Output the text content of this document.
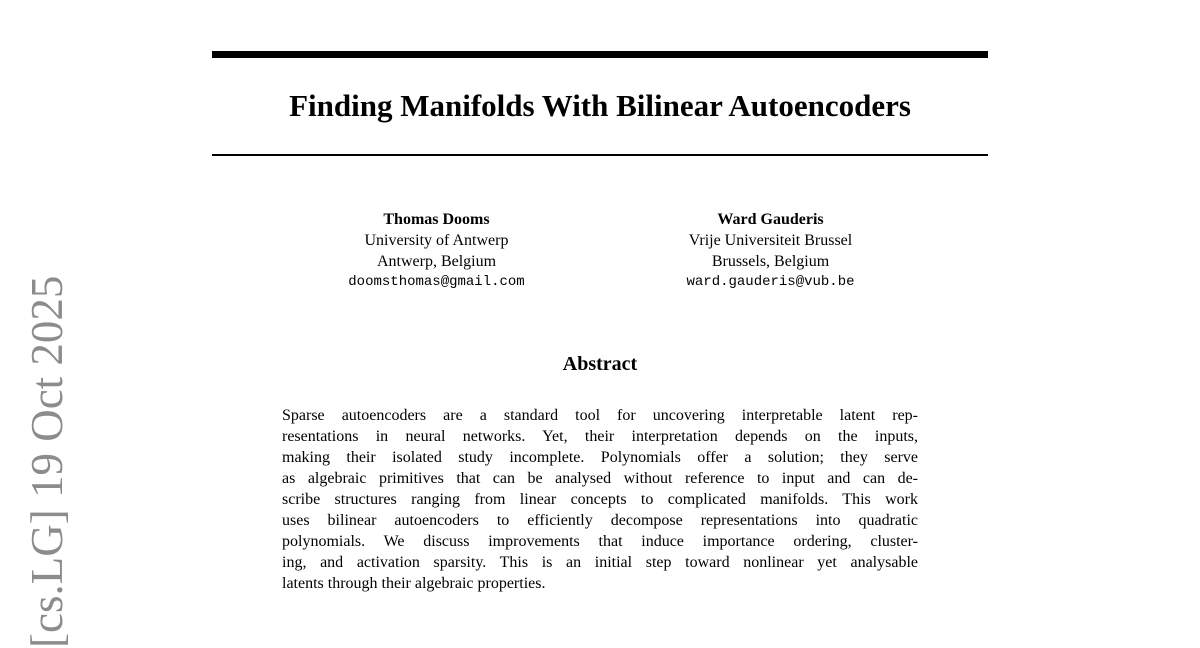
Finding Manifolds With Bilinear Autoencoders
Thomas Dooms
University of Antwerp
Antwerp, Belgium
doomsthomas@gmail.com
Ward Gauderis
Vrije Universiteit Brussel
Brussels, Belgium
ward.gauderis@vub.be
Abstract
Sparse autoencoders are a standard tool for uncovering interpretable latent rep-
resentations in neural networks. Yet, their interpretation depends on the inputs,
making their isolated study incomplete. Polynomials offer a solution; they serve
as algebraic primitives that can be analysed without reference to input and can de-
scribe structures ranging from linear concepts to complicated manifolds. This work
uses bilinear autoencoders to efficiently decompose representations into quadratic
polynomials. We discuss improvements that induce importance ordering, cluster-
ing, and activation sparsity. This is an initial step toward nonlinear yet analysable
latents through their algebraic properties.
[cs.LG] 19 Oct 2025
